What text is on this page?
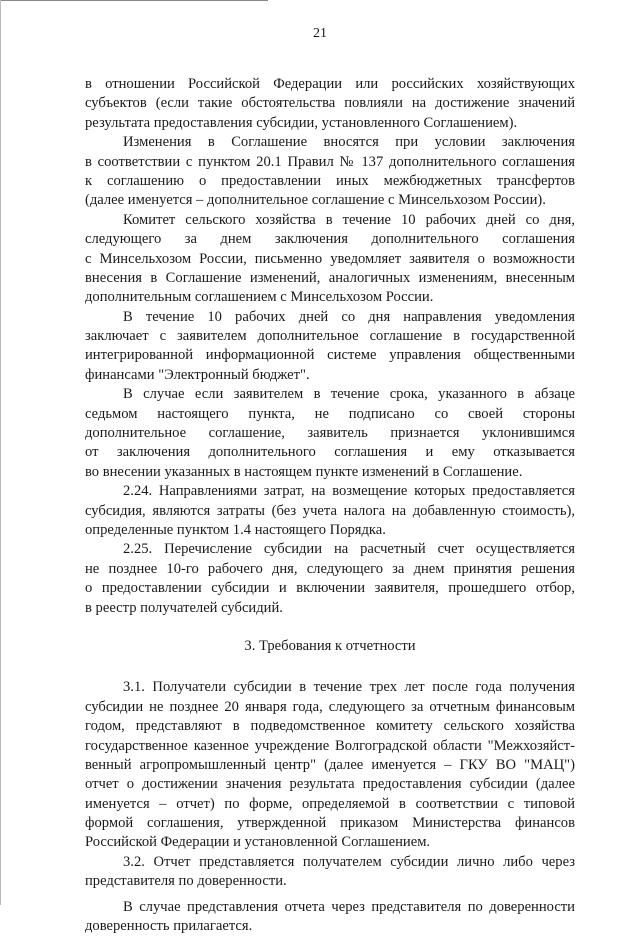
21
в отношении Российской Федерации или российских хозяйствующих
субъектов (если такие обстоятельства повлияли на достижение значений
результата предоставления субсидии, установленного Соглашением).
Изменения в Соглашение вносятся при условии заключения
в соответствии с пунктом 20.1 Правил № 137 дополнительного соглашения
к соглашению о предоставлении иных межбюджетных трансфертов
(далее именуется – дополнительное соглашение с Минсельхозом России).
Комитет сельского хозяйства в течение 10 рабочих дней со дня,
следующего за днем заключения дополнительного соглашения
с Минсельхозом России, письменно уведомляет заявителя о возможности
внесения в Соглашение изменений, аналогичных изменениям, внесенным
дополнительным соглашением с Минсельхозом России.
В течение 10 рабочих дней со дня направления уведомления
заключает с заявителем дополнительное соглашение в государственной
интегрированной информационной системе управления общественными
финансами "Электронный бюджет".
В случае если заявителем в течение срока, указанного в абзаце
седьмом настоящего пункта, не подписано со своей стороны
дополнительное соглашение, заявитель признается уклонившимся
от заключения дополнительного соглашения и ему отказывается
во внесении указанных в настоящем пункте изменений в Соглашение.
2.24. Направлениями затрат, на возмещение которых предоставляется
субсидия, являются затраты (без учета налога на добавленную стоимость),
определенные пунктом 1.4 настоящего Порядка.
2.25. Перечисление субсидии на расчетный счет осуществляется
не позднее 10-го рабочего дня, следующего за днем принятия решения
о предоставлении субсидии и включении заявителя, прошедшего отбор,
в реестр получателей субсидий.
3. Требования к отчетности
3.1. Получатели субсидии в течение трех лет после года получения
субсидии не позднее 20 января года, следующего за отчетным финансовым
годом, представляют в подведомственное комитету сельского хозяйства
государственное казенное учреждение Волгоградской области "Межхозяйст-
венный агропромышленный центр" (далее именуется – ГКУ ВО "МАЦ")
отчет о достижении значения результата предоставления субсидии (далее
именуется – отчет) по форме, определяемой в соответствии с типовой
формой соглашения, утвержденной приказом Министерства финансов
Российской Федерации и установленной Соглашением.
3.2. Отчет представляется получателем субсидии лично либо через
представителя по доверенности.
В случае представления отчета через представителя по доверенности
доверенность прилагается.
